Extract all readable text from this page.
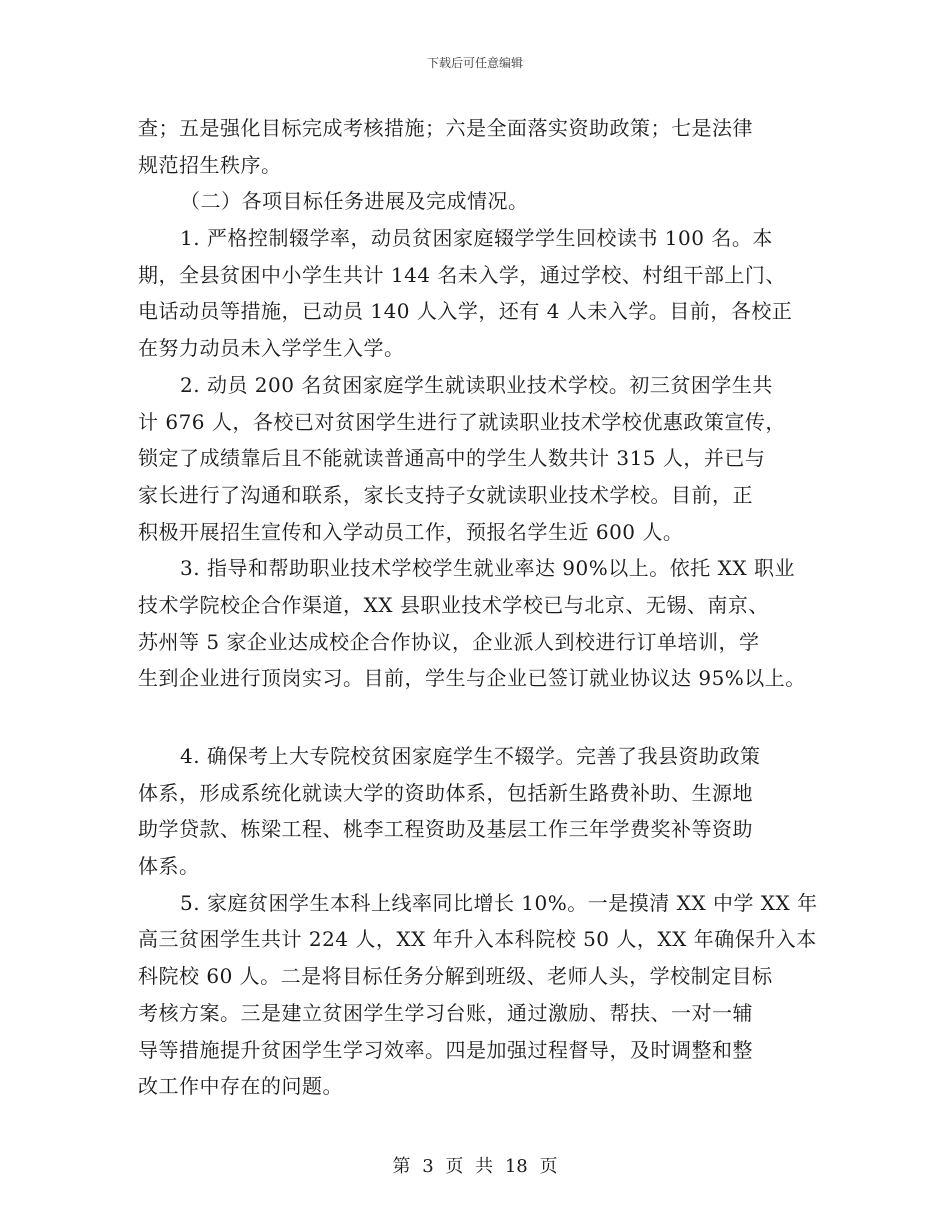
下载后可任意编辑
查；五是强化目标完成考核措施；六是全面落实资助政策；七是法律
规范招生秩序。
（二）各项目标任务进展及完成情况。
1. 严格控制辍学率，动员贫困家庭辍学学生回校读书 100 名。本
期，全县贫困中小学生共计 144 名未入学，通过学校、村组干部上门、
电话动员等措施，已动员 140 人入学，还有 4 人未入学。目前，各校正
在努力动员未入学学生入学。
2. 动员 200 名贫困家庭学生就读职业技术学校。初三贫困学生共
计 676 人，各校已对贫困学生进行了就读职业技术学校优惠政策宣传，
锁定了成绩靠后且不能就读普通高中的学生人数共计 315 人，并已与
家长进行了沟通和联系，家长支持子女就读职业技术学校。目前，正
积极开展招生宣传和入学动员工作，预报名学生近 600 人。
3. 指导和帮助职业技术学校学生就业率达 90%以上。依托 XX 职业
技术学院校企合作渠道，XX 县职业技术学校已与北京、无锡、南京、
苏州等 5 家企业达成校企合作协议，企业派人到校进行订单培训，学
生到企业进行顶岗实习。目前，学生与企业已签订就业协议达 95%以上。
4. 确保考上大专院校贫困家庭学生不辍学。完善了我县资助政策
体系，形成系统化就读大学的资助体系，包括新生路费补助、生源地
助学贷款、栋梁工程、桃李工程资助及基层工作三年学费奖补等资助
体系。
5. 家庭贫困学生本科上线率同比增长 10%。一是摸清 XX 中学 XX 年
高三贫困学生共计 224 人，XX 年升入本科院校 50 人，XX 年确保升入本
科院校 60 人。二是将目标任务分解到班级、老师人头，学校制定目标
考核方案。三是建立贫困学生学习台账，通过激励、帮扶、一对一辅
导等措施提升贫困学生学习效率。四是加强过程督导，及时调整和整
改工作中存在的问题。
第 3 页 共 18 页
